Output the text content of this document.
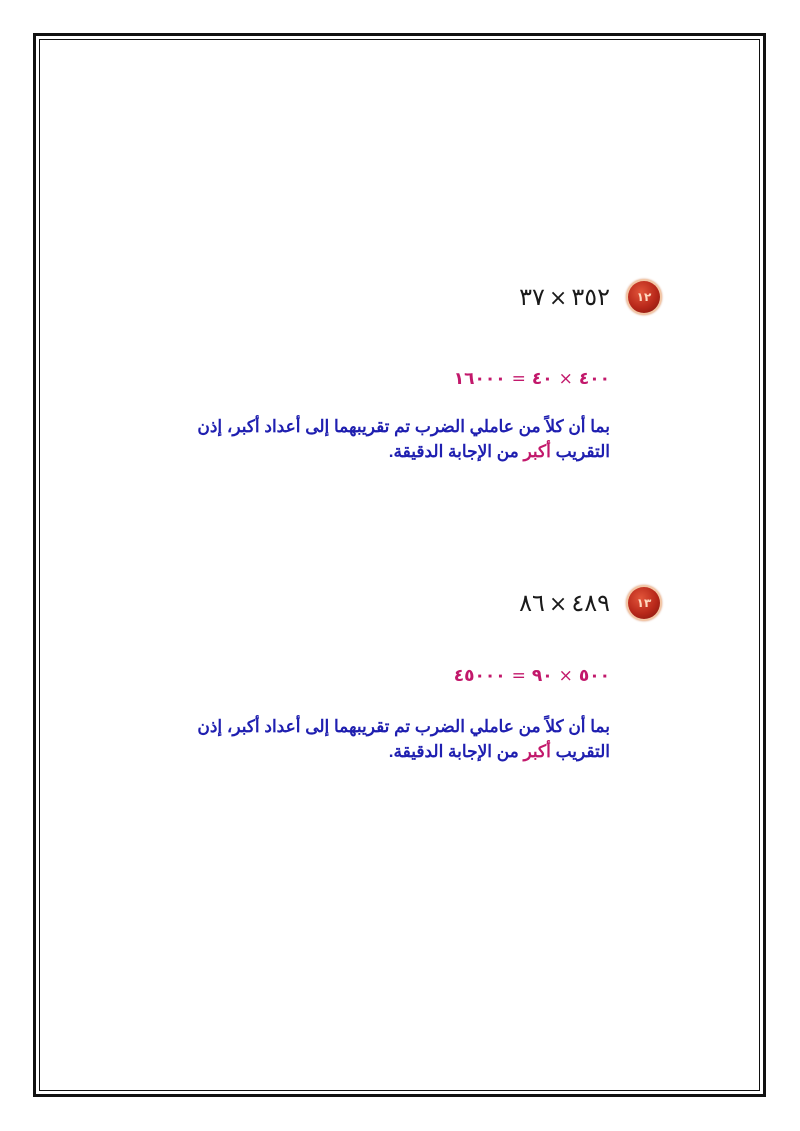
١٢
٣٥٢×٣٧
٤٠٠×٤٠=١٦٠٠٠
بما أن كلاً من عاملي الضرب تم تقريبهما إلى أعداد أكبر، إذن
التقريب أكبر من الإجابة الدقيقة.
١٣
٤٨٩×٨٦
٥٠٠×٩٠=٤٥٠٠٠
بما أن كلاً من عاملي الضرب تم تقريبهما إلى أعداد أكبر، إذن
التقريب أكبر من الإجابة الدقيقة.
